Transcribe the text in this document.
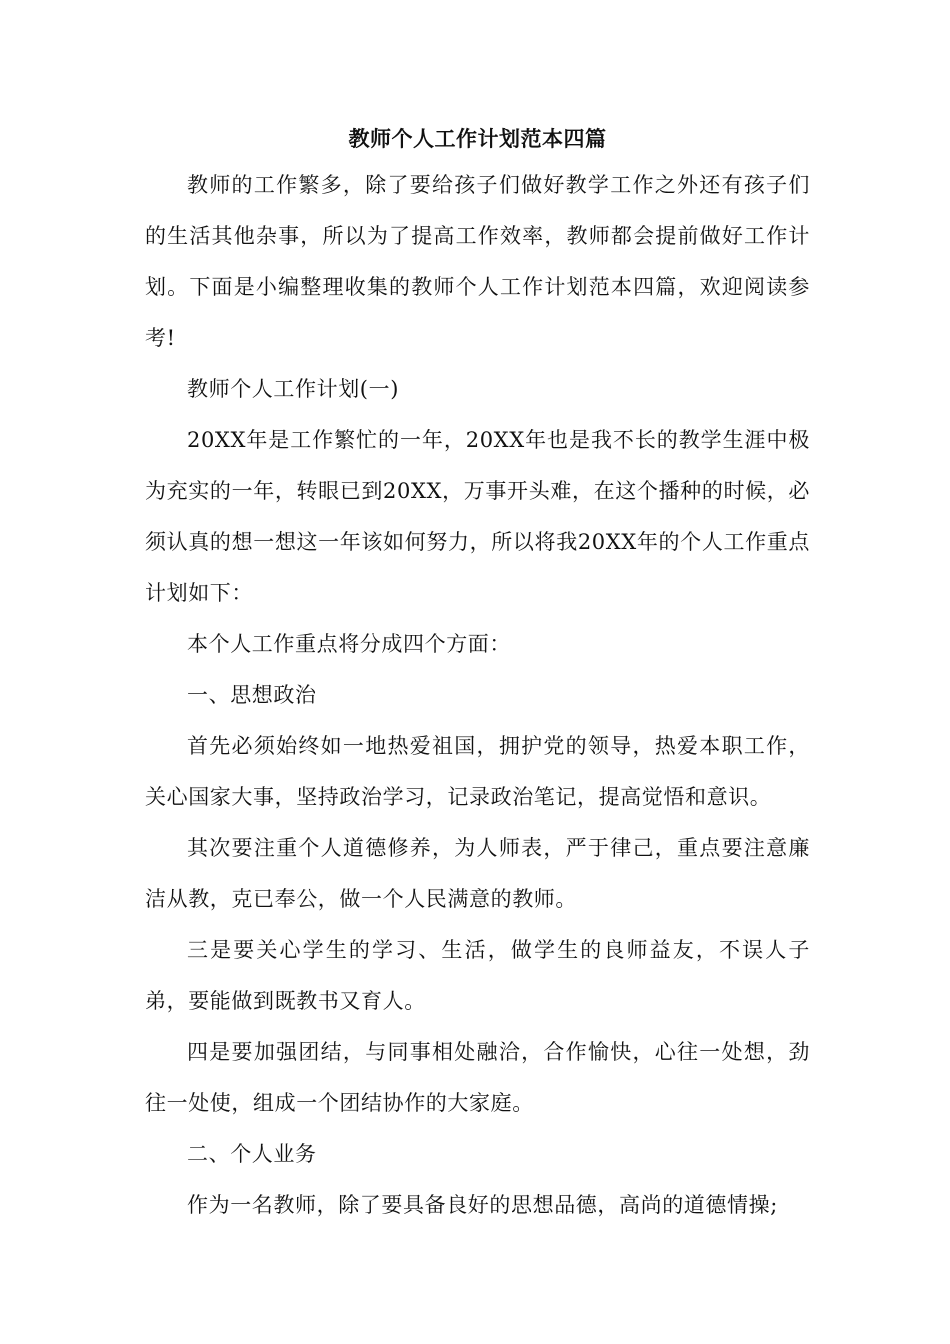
教师个人工作计划范本四篇

教师的工作繁多，除了要给孩子们做好教学工作之外还有孩子们的生活其他杂事，所以为了提高工作效率，教师都会提前做好工作计划。下面是小编整理收集的教师个人工作计划范本四篇，欢迎阅读参考!

教师个人工作计划(一)

20XX年是工作繁忙的一年，20XX年也是我不长的教学生涯中极为充实的一年，转眼已到20XX，万事开头难，在这个播种的时候，必须认真的想一想这一年该如何努力，所以将我20XX年的个人工作重点计划如下：

本个人工作重点将分成四个方面：

一、思想政治

首先必须始终如一地热爱祖国，拥护党的领导，热爱本职工作，关心国家大事，坚持政治学习，记录政治笔记，提高觉悟和意识。

其次要注重个人道德修养，为人师表，严于律己，重点要注意廉洁从教，克已奉公，做一个人民满意的教师。

三是要关心学生的学习、生活，做学生的良师益友，不误人子弟，要能做到既教书又育人。

四是要加强团结，与同事相处融洽，合作愉快，心往一处想，劲往一处使，组成一个团结协作的大家庭。

二、个人业务

作为一名教师，除了要具备良好的思想品德，高尚的道德情操;
